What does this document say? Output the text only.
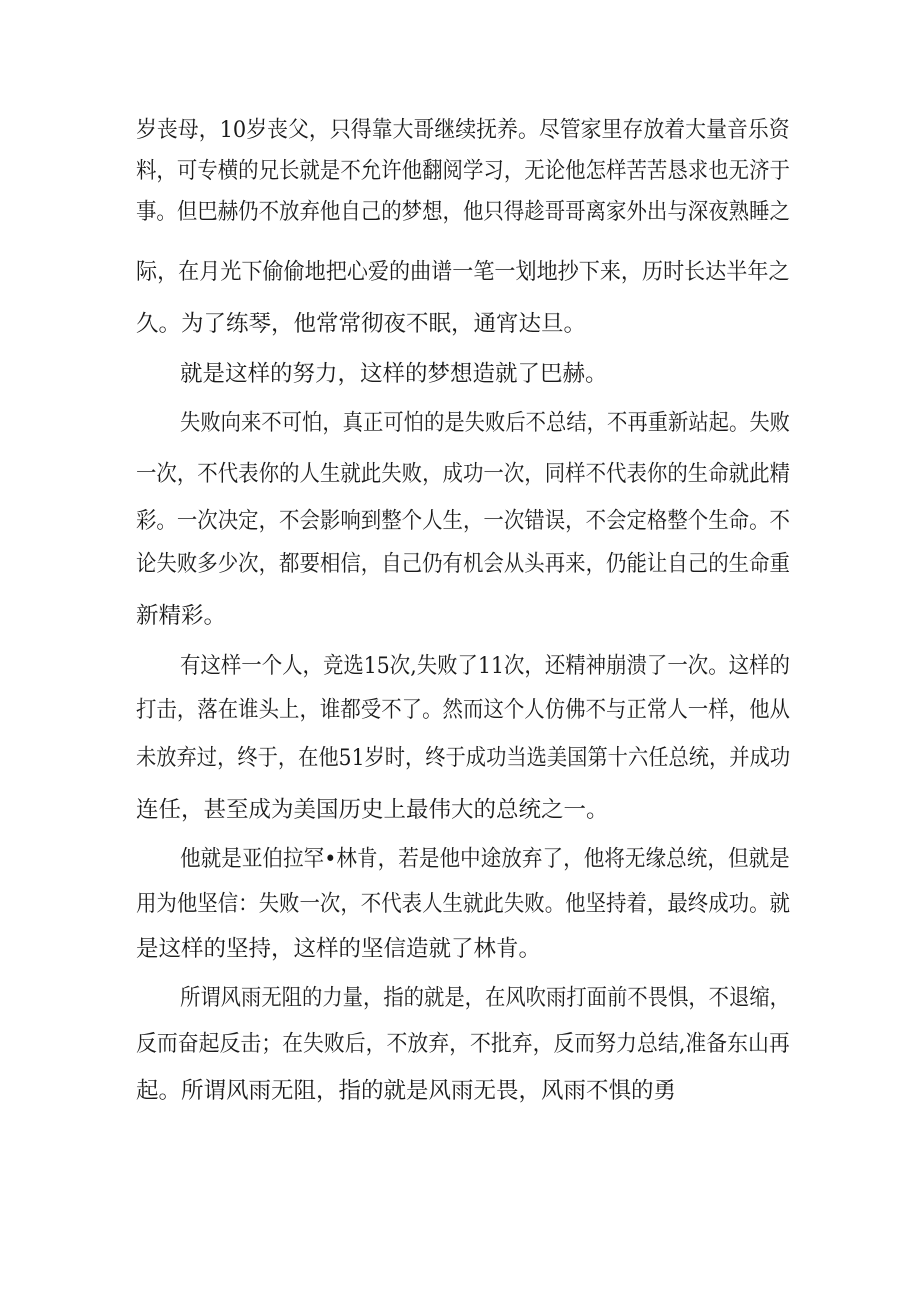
岁丧母，10岁丧父，只得靠大哥继续抚养。尽管家里存放着大量音乐资
料，可专横的兄长就是不允许他翻阅学习，无论他怎样苦苦恳求也无济于
事。但巴赫仍不放弃他自己的梦想，他只得趁哥哥离家外出与深夜熟睡之
际，在月光下偷偷地把心爱的曲谱一笔一划地抄下来，历时长达半年之
久。为了练琴，他常常彻夜不眠，通宵达旦。
就是这样的努力，这样的梦想造就了巴赫。
失败向来不可怕，真正可怕的是失败后不总结，不再重新站起。失败
一次，不代表你的人生就此失败，成功一次，同样不代表你的生命就此精
彩。一次决定，不会影响到整个人生，一次错误，不会定格整个生命。不
论失败多少次，都要相信，自己仍有机会从头再来，仍能让自己的生命重
新精彩。
有这样一个人，竞选15次,失败了11次，还精神崩溃了一次。这样的
打击，落在谁头上，谁都受不了。然而这个人仿佛不与正常人一样，他从
未放弃过，终于，在他51岁时，终于成功当选美国第十六任总统，并成功
连任，甚至成为美国历史上最伟大的总统之一。
他就是亚伯拉罕•林肯，若是他中途放弃了，他将无缘总统，但就是
用为他坚信：失败一次，不代表人生就此失败。他坚持着，最终成功。就
是这样的坚持，这样的坚信造就了林肯。
所谓风雨无阻的力量，指的就是，在风吹雨打面前不畏惧，不退缩，
反而奋起反击；在失败后，不放弃，不批弃，反而努力总结,准备东山再
起。所谓风雨无阻，指的就是风雨无畏，风雨不惧的勇
